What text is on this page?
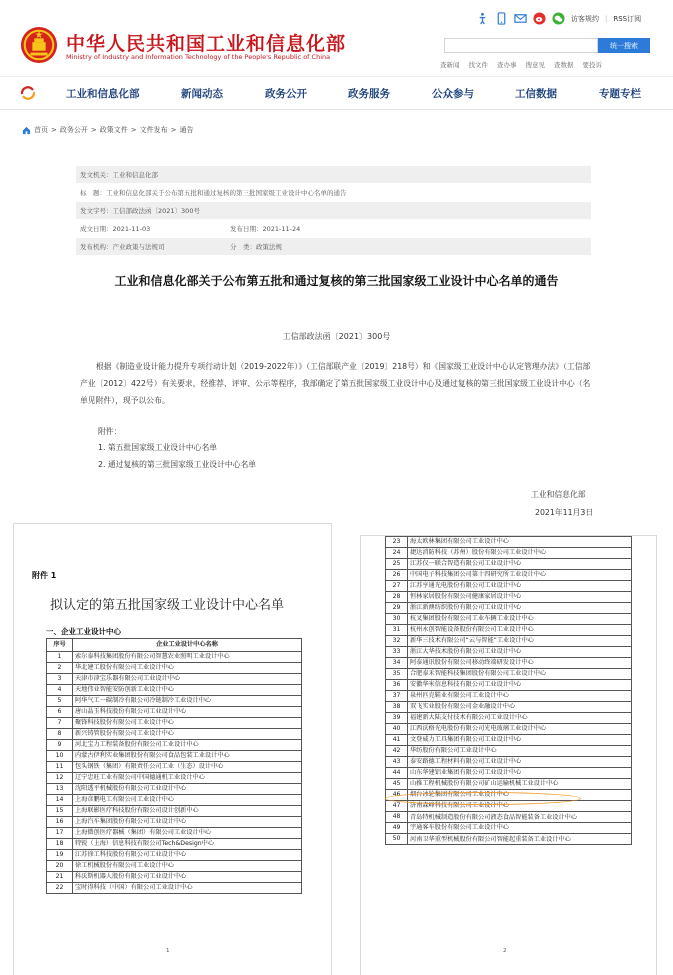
访客规约 | RSS订阅
中华人民共和国工业和信息化部
Ministry of Industry and Information Technology of the People's Republic of China
统一搜索
查新闻 找文件 查办事 搜意见 查数据 要投诉
工业和信息化部	新闻动态	政务公开	政务服务	公众参与	工信数据	专题专栏
首页 > 政务公开 > 政策文件 > 文件发布 > 通告
发文机关：工业和信息化部
标　题：工业和信息化部关于公布第五批和通过复核的第三批国家级工业设计中心名单的通告
发文字号：工信部政法函〔2021〕300号
成文日期：2021-11-03	发布日期：2021-11-24
发布机构：产业政策与法规司	分　类：政策法规
工业和信息化部关于公布第五批和通过复核的第三批国家级工业设计中心名单的通告
工信部政法函〔2021〕300号
根据《制造业设计能力提升专项行动计划（2019-2022年）》（工信部联产业〔2019〕218号）和《国家级工业设计中心认定管理办法》（工信部产业〔2012〕422号）有关要求，经推荐、评审、公示等程序，我部确定了第五批国家级工业设计中心及通过复核的第三批国家级工业设计中心（名单见附件），现予以公布。
附件：
1. 第五批国家级工业设计中心名单
2. 通过复核的第三批国家级工业设计中心名单
工业和信息化部
2021年11月3日
附件 1
拟认定的第五批国家级工业设计中心名单
一、企业工业设计中心
序号	企业工业设计中心名称
1	索尔泰科技集团股份有限公司智慧农业照明工业设计中心
2	华北建工股份有限公司工业设计中心
3	天津市津宝乐器有限公司工业设计中心
4	天地伟业智能安防创新工业设计中心
5	阿华气工一碳制冷有限公司冷链制冷工业设计中心
6	唐山晶玉科技股份有限公司工业设计中心
7	聚锋科技股份有限公司工业设计中心
8	新兴铸管股份有限公司工业设计中心
9	河北宝力工程装备股份有限公司工业设计中心
10	内蒙古伊利实业集团股份有限公司食品包装工业设计中心
11	包头钢铁（集团）有限责任公司工业（生态）设计中心
12	辽宁忠旺工业有限公司中国德通机工业设计中心
13	沈阳透平机械股份有限公司工业设计中心
14	上海彦鹏电工有限公司工业设计中心
15	上海联影医疗科技股份有限公司设计创新中心
16	上海汽车集团股份有限公司工业设计中心
17	上海微创医疗器械（集团）有限公司工业设计中心
18	特锐（上海）信息科技有限公司Tech&Design中心
19	江苏徐工科技股份有限公司工业设计中心
20	徐工机械股份有限公司工业设计中心
21	科沃斯机器人股份有限公司工业设计中心
22	宝时得科技（中国）有限公司工业设计中心
1
23	海太欧林集团有限公司工业设计中心
24	捷达消防科技（苏州）股份有限公司工业设计中心
25	江苏仅一联合智造有限公司工业设计中心
26	中国电子科技集团公司第十四研究所工业设计中心
27	江苏亨通光电股份有限公司工业设计中心
28	恒林家居股份有限公司健康家居设计中心
29	浙江新澳纺织股份有限公司工业设计中心
30	杭叉集团股份有限公司工业车辆工业设计中心
31	杭州永创智能设备股份有限公司工业设计中心
32	新华三技术有限公司“云与智能”工业设计中心
33	浙江大华技术股份有限公司工业设计中心
34	阿泰通讯股份有限公司移动终端研发设计中心
35	合肥泰禾智能科技集团股份有限公司工业设计中心
36	安徽华米信息科技有限公司工业设计中心
37	泉州匹克鞋业有限公司工业设计中心
38	双飞实业股份有限公司金业融设计中心
39	福建新大陆支付技术有限公司工业设计中心
40	江西沃格光电股份有限公司光电玻璃工业设计中心
41	文登威力工具集团有限公司工业设计中心
42	华纺股份有限公司工业设计中心
43	泰安路德工程材料有限公司工业设计中心
44	山东华建铝业集团有限公司工业设计中心
45	山推工程机械股份有限公司矿山运输机械工业设计中心
46	烟台冰轮集团有限公司工业设计中心
47	济南森峰科技有限公司工业设计中心
48	青岛特机械制造股份有限公司液态食品智能装备工业设计中心
49	宇通客车股份有限公司工业设计中心
50	河南卫华重型机械股份有限公司智能起重装备工业设计中心
2
